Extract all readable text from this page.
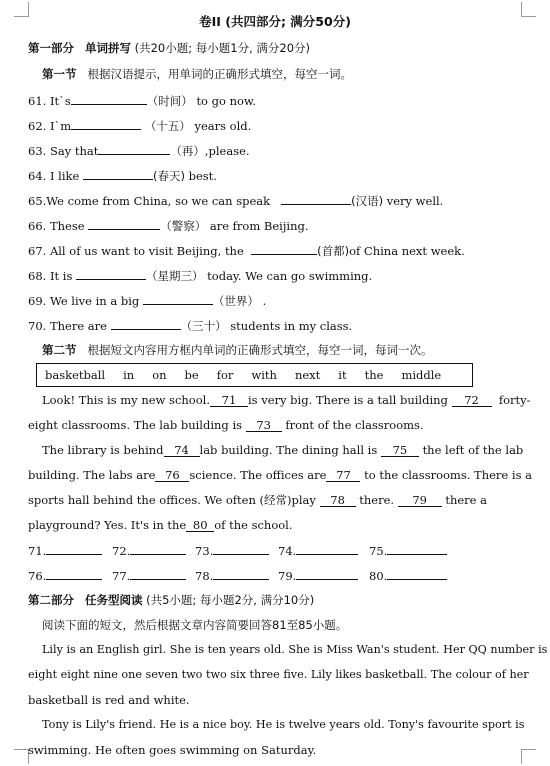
卷II (共四部分; 满分50分)
第一部分 单词拼写 (共20小题; 每小题1分, 满分20分)
第一节 根据汉语提示，用单词的正确形式填空，每空一词。
61. It`s	（时间） to go now.
62. I`m	（十五） years old.
63. Say that	（再）,please.
64. I like	(春天) best.
65.We come from China, so we can speak	(汉语) very well.
66. These	（警察） are from Beijing.
67. All of us want to visit Beijing, the	(首都)of China next week.
68. It is	（星期三） today. We can go swimming.
69. We live in a big	（世界） .
70. There are	（三十） students in my class.
第二节 根据短文内容用方框内单词的正确形式填空，每空一词，每词一次。
basketball in on be for with next it the middle
Look! This is my new school. 71 is very big. There is a tall building 72 forty-
eight classrooms. The lab building is 73 front of the classrooms.
The library is behind 74 lab building. The dining hall is 75 the left of the lab
building. The labs are 76 science. The offices are 77 to the classrooms. There is a
sports hall behind the offices. We often (经常)play 78 there. 79 there a
playground? Yes. It's in the 80 of the school.
71.	72.	73.	74.	75.
76.	77.	78.	79.	80.
第二部分 任务型阅读 (共5小题; 每小题2分, 满分10分)
阅读下面的短文，然后根据文章内容简要回答81至85小题。
Lily is an English girl. She is ten years old. She is Miss Wan's student. Her QQ number is
eight eight nine one seven two two six three five. Lily likes basketball. The colour of her
basketball is red and white.
Tony is Lily's friend. He is a nice boy. He is twelve years old. Tony's favourite sport is
swimming. He often goes swimming on Saturday.
